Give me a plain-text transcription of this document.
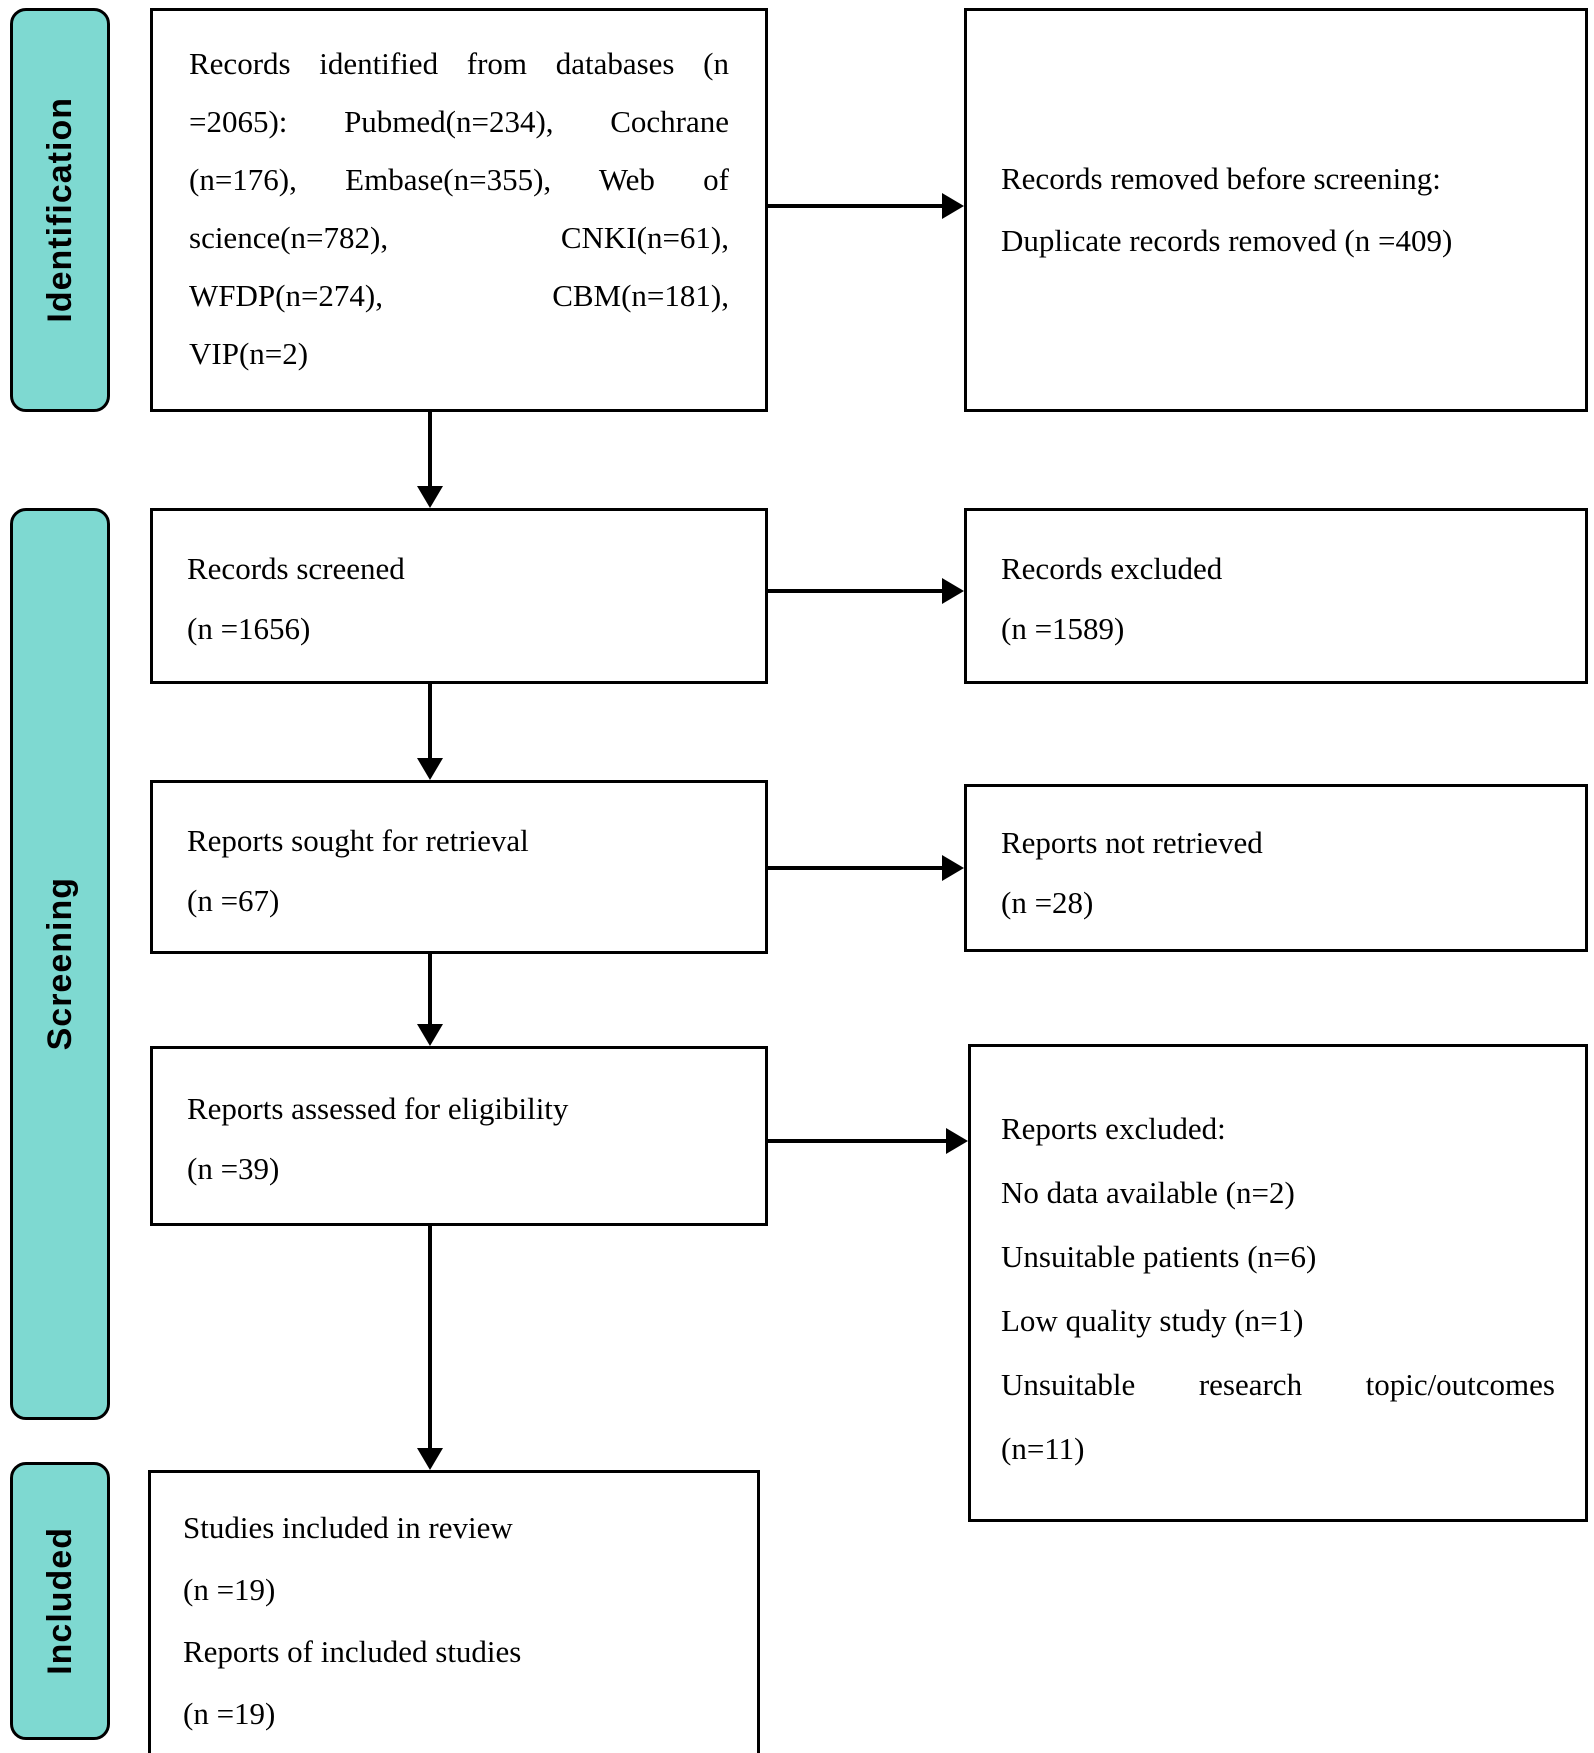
Identification
Screening
Included
Records identified from databases (n
=2065): Pubmed(n=234), Cochrane
(n=176), Embase(n=355), Web of
science(n=782), CNKI(n=61),
WFDP(n=274), CBM(n=181),
VIP(n=2)
Records screened
(n =1656)
Reports sought for retrieval
(n =67)
Reports assessed for eligibility
(n =39)
Studies included in review
(n =19)
Reports of included studies
(n =19)
Records removed before screening:
Duplicate records removed (n =409)
Records excluded
(n =1589)
Reports not retrieved
(n =28)
Reports excluded:
No data available (n=2)
Unsuitable patients (n=6)
Low quality study (n=1)
Unsuitable research topic/outcomes
(n=11)
